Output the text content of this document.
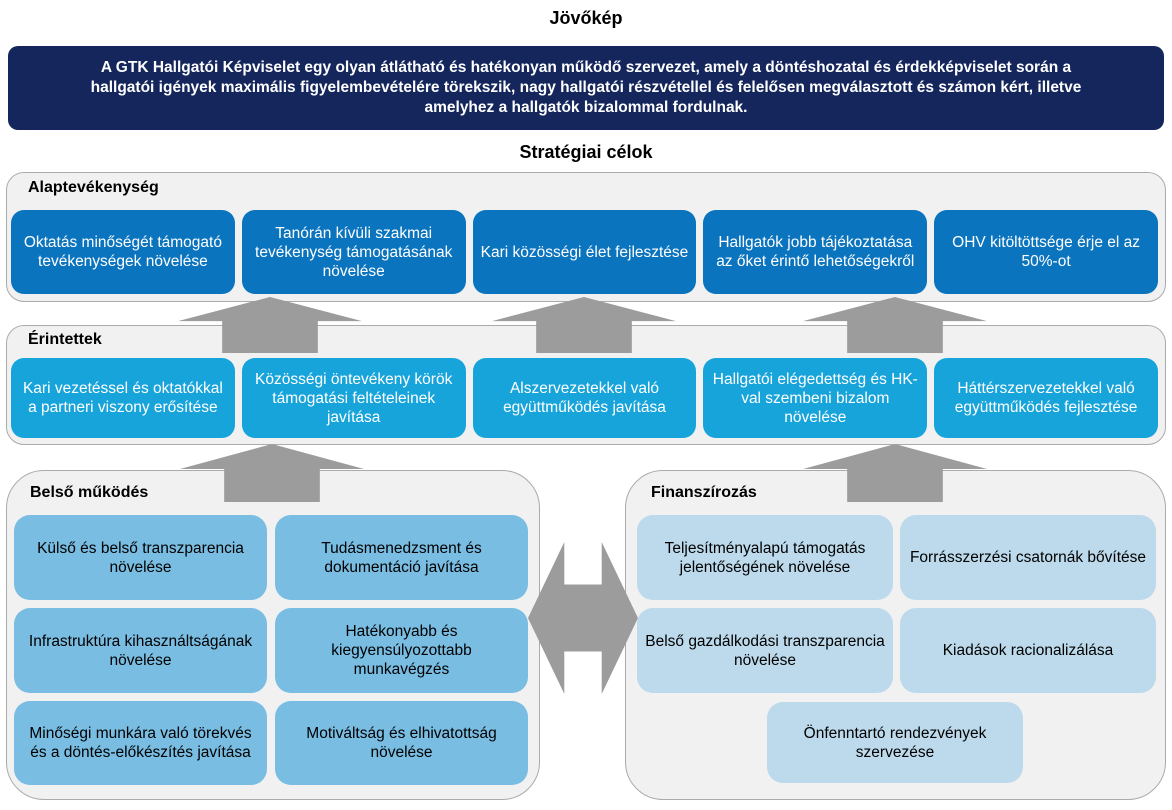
Jövőkép
A GTK Hallgatói Képviselet egy olyan átlátható és hatékonyan működő szervezet, amely a döntéshozatal és érdekképviselet során a
hallgatói igények maximális figyelembevételére törekszik, nagy hallgatói részvétellel és felelősen megválasztott és számon kért, illetve
amelyhez a hallgatók bizalommal fordulnak.
Stratégiai célok
Alaptevékenység
Oktatás minőségét támogató tevékenységek növelése
Tanórán kívüli szakmai tevékenység támogatásának növelése
Kari közösségi élet fejlesztése
Hallgatók jobb tájékoztatása az őket érintő lehetőségekről
OHV kitöltöttsége érje el az 50%-ot
Érintettek
Kari vezetéssel és oktatókkal a partneri viszony erősítése
Közösségi öntevékeny körök támogatási feltételeinek javítása
Alszervezetekkel való együttműködés javítása
Hallgatói elégedettség és HK-val szembeni bizalom növelése
Háttérszervezetekkel való együttműködés fejlesztése
Belső működés
Külső és belső transzparencia növelése
Tudásmenedzsment és dokumentáció javítása
Infrastruktúra kihasználtságának növelése
Hatékonyabb és kiegyensúlyozottabb munkavégzés
Minőségi munkára való törekvés és a döntés-előkészítés javítása
Motiváltság és elhivatottság növelése
Finanszírozás
Teljesítményalapú támogatás jelentőségének növelése
Forrásszerzési csatornák bővítése
Belső gazdálkodási transzparencia növelése
Kiadások racionalizálása
Önfenntartó rendezvények szervezése
